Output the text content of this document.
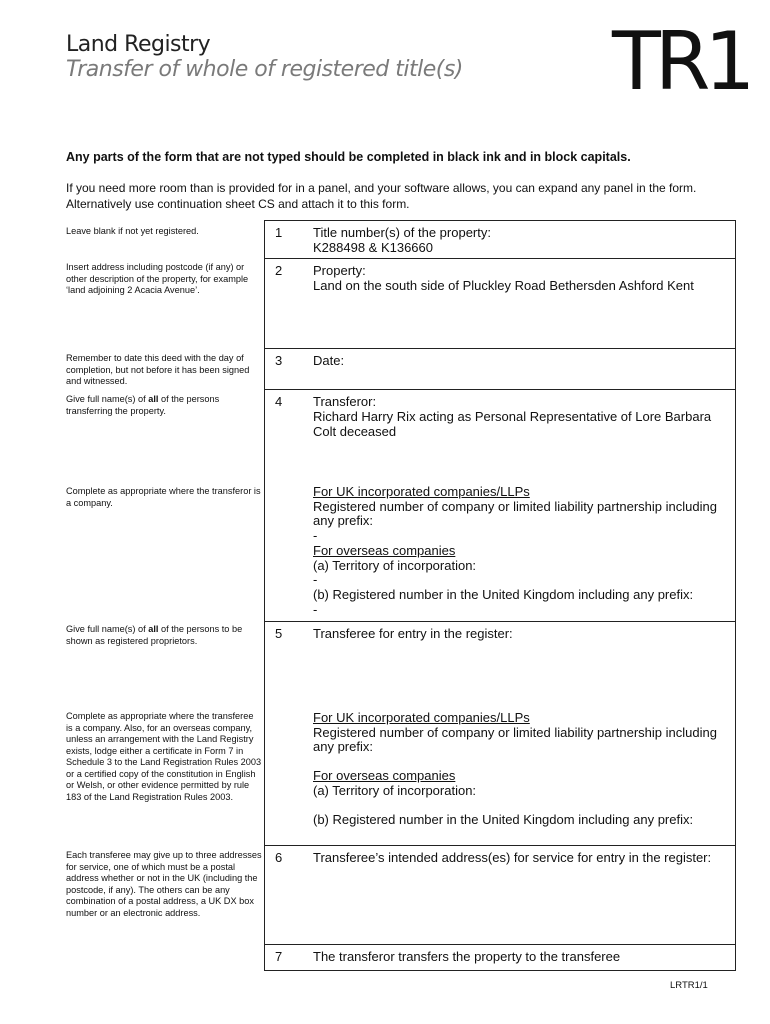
Land Registry
Transfer of whole of registered title(s) TR1
Any parts of the form that are not typed should be completed in black ink and in block capitals.
If you need more room than is provided for in a panel, and your software allows, you can expand any panel in the form. Alternatively use continuation sheet CS and attach it to this form.
Leave blank if not yet registered.
Insert address including postcode (if any) or other description of the property, for example ‘land adjoining 2 Acacia Avenue’.
Remember to date this deed with the day of completion, but not before it has been signed and witnessed.
Give full name(s) of all of the persons transferring the property.
Complete as appropriate where the transferor is a company.
Give full name(s) of all of the persons to be shown as registered proprietors.
Complete as appropriate where the transferee is a company. Also, for an overseas company, unless an arrangement with the Land Registry exists, lodge either a certificate in Form 7 in Schedule 3 to the Land Registration Rules 2003 or a certified copy of the constitution in English or Welsh, or other evidence permitted by rule 183 of the Land Registration Rules 2003.
Each transferee may give up to three addresses for service, one of which must be a postal address whether or not in the UK (including the postcode, if any). The others can be any combination of a postal address, a UK DX box number or an electronic address.
1 Title number(s) of the property:
K288498 & K136660
2 Property:
Land on the south side of Pluckley Road Bethersden Ashford Kent
3 Date:
4 Transferor:
Richard Harry Rix acting as Personal Representative of Lore Barbara Colt deceased
For UK incorporated companies/LLPs
Registered number of company or limited liability partnership including any prefix:
-
For overseas companies
(a) Territory of incorporation:
-
(b) Registered number in the United Kingdom including any prefix:
-
5 Transferee for entry in the register:
For UK incorporated companies/LLPs
Registered number of company or limited liability partnership including any prefix:
For overseas companies
(a) Territory of incorporation:
(b) Registered number in the United Kingdom including any prefix:
6 Transferee’s intended address(es) for service for entry in the register:
7 The transferor transfers the property to the transferee
LRTR1/1
